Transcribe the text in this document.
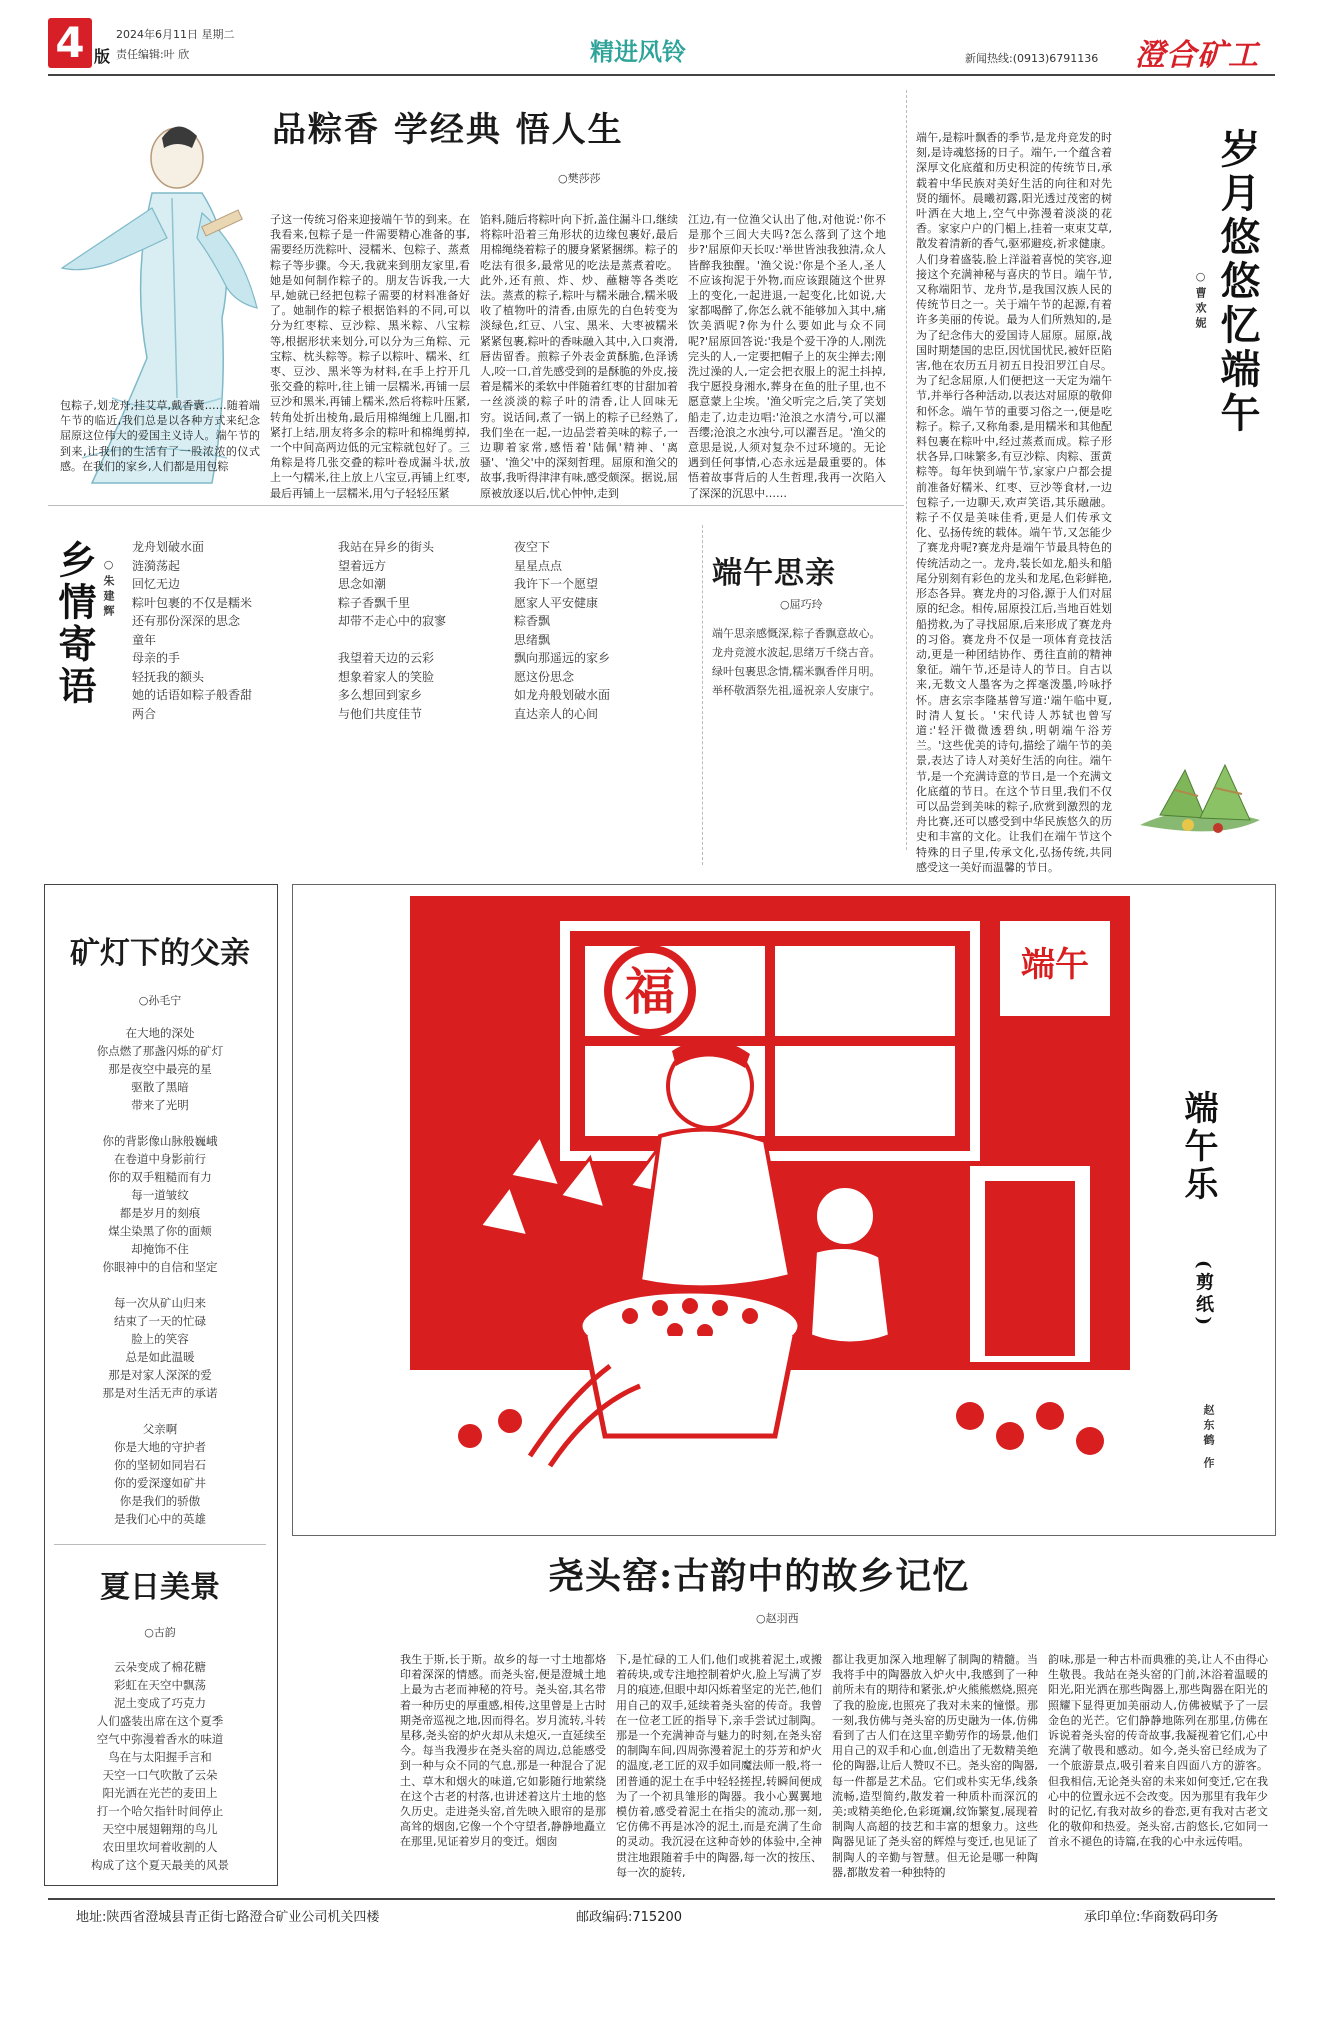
4 版
2024年6月11日 星期二
责任编辑:叶 欣	精进风铃	新闻热线:(0913)6791136 澄合矿工
品粽香 学经典 悟人生
○樊莎莎
包粽子,划龙舟,挂艾草,戴香囊……随着端午节的临近,我们总是以各种方式来纪念屈原这位伟大的爱国主义诗人。端午节的到来,让我们的生活有了一股浓浓的仪式感。在我们的家乡,人们都是用包粽
子这一传统习俗来迎接端午节的到来。在我看来,包粽子是一件需要精心准备的事,需要经历洗粽叶、浸糯米、包粽子、蒸煮粽子等步骤。今天,我就来到朋友家里,看她是如何制作粽子的。朋友告诉我,一大早,她就已经把包粽子需要的材料准备好了。她制作的粽子根据馅料的不同,可以分为红枣粽、豆沙粽、黑米粽、八宝粽等,根据形状来划分,可以分为三角粽、元宝粽、枕头粽等。粽子以粽叶、糯米、红枣、豆沙、黑米等为材料,在手上拧开几张交叠的粽叶,往上铺一层糯米,再铺一层豆沙和黑米,再铺上糯米,然后将粽叶压紧,转角处折出棱角,最后用棉绳缠上几圈,扣紧打上结,朋友将多余的粽叶和棉绳剪掉,一个中间高两边低的元宝粽就包好了。三角粽是将几张交叠的粽叶卷成漏斗状,放上一勺糯米,往上放上八宝豆,再铺上红枣,最后再铺上一层糯米,用勺子轻轻压紧
馅料,随后将粽叶向下折,盖住漏斗口,继续将粽叶沿着三角形状的边缘包裹好,最后用棉绳绕着粽子的腰身紧紧捆绑。粽子的吃法有很多,最常见的吃法是蒸煮着吃。此外,还有煎、炸、炒、蘸糖等各类吃法。蒸煮的粽子,粽叶与糯米融合,糯米吸收了植物叶的清香,由原先的白色转变为淡绿色,红豆、八宝、黑米、大枣被糯米紧紧包裹,粽叶的香味融入其中,入口爽滑,唇齿留香。煎粽子外表金黄酥脆,色泽诱人,咬一口,首先感受到的是酥脆的外皮,接着是糯米的柔软中伴随着红枣的甘甜加着一丝淡淡的粽子叶的清香,让人回味无穷。说话间,煮了一锅上的粽子已经熟了,我们坐在一起,一边品尝着美味的粽子,一边聊着家常,感悟着'陆佩'精神、'离骚'、'渔父'中的深刻哲理。屈原和渔父的故事,我听得津津有味,感受颇深。据说,屈原被放逐以后,忧心忡忡,走到
江边,有一位渔父认出了他,对他说:'你不是那个三闾大夫吗?怎么落到了这个地步?'屈原仰天长叹:'举世皆浊我独清,众人皆醉我独醒。'渔父说:'你是个圣人,圣人不应该拘泥于外物,而应该跟随这个世界上的变化,一起进退,一起变化,比如说,大家都喝醉了,你怎么就不能够加入其中,痛饮美酒呢?你为什么要如此与众不同呢?'屈原回答说:'我是个爱干净的人,刚洗完头的人,一定要把帽子上的灰尘掸去;刚洗过澡的人,一定会把衣服上的泥土抖掉,我宁愿投身湘水,葬身在鱼的肚子里,也不愿意蒙上尘埃。'渔父听完之后,笑了笑划船走了,边走边唱:'沧浪之水清兮,可以濯吾缨;沧浪之水浊兮,可以濯吾足。'渔父的意思是说,人须对复杂不过环境的。无论遇到任何事情,心态永远是最重要的。体悟着故事背后的人生哲理,我再一次陷入了深深的沉思中……
端午,是粽叶飘香的季节,是龙舟竞发的时刻,是诗魂悠扬的日子。端午,一个蕴含着深厚文化底蕴和历史积淀的传统节日,承载着中华民族对美好生活的向往和对先贤的缅怀。晨曦初露,阳光透过茂密的树叶洒在大地上,空气中弥漫着淡淡的花香。家家户户的门楣上,挂着一束束艾草,散发着清新的香气,驱邪避疫,祈求健康。人们身着盛装,脸上洋溢着喜悦的笑容,迎接这个充满神秘与喜庆的节日。端午节,又称端阳节、龙舟节,是我国汉族人民的传统节日之一。关于端午节的起源,有着许多美丽的传说。最为人们所熟知的,是为了纪念伟大的爱国诗人屈原。屈原,战国时期楚国的忠臣,因忧国忧民,被奸臣陷害,他在农历五月初五日投汨罗江自尽。为了纪念屈原,人们便把这一天定为端午节,并举行各种活动,以表达对屈原的敬仰和怀念。端午节的重要习俗之一,便是吃粽子。粽子,又称角黍,是用糯米和其他配料包裹在粽叶中,经过蒸煮而成。粽子形状各异,口味繁多,有豆沙粽、肉粽、蛋黄粽等。每年快到端午节,家家户户都会提前准备好糯米、红枣、豆沙等食材,一边包粽子,一边聊天,欢声笑语,其乐融融。粽子不仅是美味佳肴,更是人们传承文化、弘扬传统的载体。端午节,又怎能少了赛龙舟呢?赛龙舟是端午节最具特色的传统活动之一。龙舟,装长如龙,船头和船尾分别刻有彩色的龙头和龙尾,色彩鲜艳,形态各异。赛龙舟的习俗,源于人们对屈原的纪念。相传,屈原投江后,当地百姓划船捞救,为了寻找屈原,后来形成了赛龙舟的习俗。赛龙舟不仅是一项体育竞技活动,更是一种团结协作、勇往直前的精神象征。端午节,还是诗人的节日。自古以来,无数文人墨客为之挥毫泼墨,吟咏抒怀。唐玄宗李隆基曾写道:'端午临中夏,时清人复长。'宋代诗人苏轼也曾写道:'轻汗微微透碧纨,明朝端午浴芳兰。'这些优美的诗句,描绘了端午节的美景,表达了诗人对美好生活的向往。端午节,是一个充满诗意的节日,是一个充满文化底蕴的节日。在这个节日里,我们不仅可以品尝到美味的粽子,欣赏到激烈的龙舟比赛,还可以感受到中华民族悠久的历史和丰富的文化。让我们在端午节这个特殊的日子里,传承文化,弘扬传统,共同感受这一美好而温馨的节日。
岁月悠悠忆端午
○曹欢妮
乡情寄语 ○朱建辉
龙舟划破水面
涟漪荡起
回忆无边
粽叶包裹的不仅是糯米
还有那份深深的思念
童年
母亲的手
轻抚我的额头
她的话语如粽子般香甜
两合
我站在异乡的街头
望着远方
思念如潮
粽子香飘千里
却带不走心中的寂寥

我望着天边的云彩
想象着家人的笑脸
多么想回到家乡
与他们共度佳节
夜空下
星星点点
我许下一个愿望
愿家人平安健康
粽香飘
思绪飘
飘向那遥远的家乡
愿这份思念
如龙舟般划破水面
直达亲人的心间
端午思亲
○屈巧玲
端午思亲感慨深,粽子香飘意故心。
龙舟竞渡水波起,思绪万千绕古音。
绿叶包裹思念情,糯米飘香伴月明。
举杯敬酒祭先祖,遥祝亲人安康宁。
矿灯下的父亲
○孙毛宁
在大地的深处
你点燃了那盏闪烁的矿灯
那是夜空中最亮的星
驱散了黑暗
带来了光明

你的背影像山脉般巍峨
在卷道中身影前行
你的双手粗糙而有力
每一道皱纹
都是岁月的刻痕
煤尘染黑了你的面颊
却掩饰不住
你眼神中的自信和坚定

每一次从矿山归来
结束了一天的忙碌
脸上的笑容
总是如此温暖
那是对家人深深的爱
那是对生活无声的承诺

父亲啊
你是大地的守护者
你的坚韧如同岩石
你的爱深邃如矿井
你是我们的骄傲
是我们心中的英雄
夏日美景
○古韵
云朵变成了棉花糖
彩虹在天空中飘荡
泥土变成了巧克力
人们盛装出席在这个夏季
空气中弥漫着香水的味道
鸟在与太阳握手言和
天空一口气吹散了云朵
阳光洒在光芒的麦田上
打一个哈欠指针时间停止
天空中展翅翱翔的鸟儿
农田里坎坷着收割的人
构成了这个夏天最美的风景
福	端午
端午乐
(剪纸)
赵东鹤 作
尧头窑:古韵中的故乡记忆
○赵羽西
我生于斯,长于斯。故乡的每一寸土地都烙印着深深的情感。而尧头窑,便是澄城土地上最为古老而神秘的符号。尧头窑,其名带着一种历史的厚重感,相传,这里曾是上古时期尧帝巡视之地,因而得名。岁月流转,斗转星移,尧头窑的炉火却从未熄灭,一直延续至今。每当我漫步在尧头窑的周边,总能感受到一种与众不同的气息,那是一种混合了泥土、草木和烟火的味道,它如影随行地萦绕在这个古老的村落,也讲述着这片土地的悠久历史。走进尧头窑,首先映入眼帘的是那高耸的烟囱,它像一个个守望者,静静地矗立在那里,见证着岁月的变迁。烟囱
下,是忙碌的工人们,他们或挑着泥土,或搬着砖块,或专注地控制着炉火,脸上写满了岁月的痕迹,但眼中却闪烁着坚定的光芒,他们用自己的双手,延续着尧头窑的传奇。我曾在一位老工匠的指导下,亲手尝试过制陶。那是一个充满神奇与魅力的时刻,在尧头窑的制陶车间,四周弥漫着泥土的芬芳和炉火的温度,老工匠的双手如同魔法师一般,将一团普通的泥土在手中轻轻搓捏,转瞬间便成为了一个初具雏形的陶器。我小心翼翼地模仿着,感受着泥土在指尖的流动,那一刻,它仿佛不再是冰冷的泥土,而是充满了生命的灵动。我沉浸在这种奇妙的体验中,全神贯注地跟随着手中的陶器,每一次的按压、每一次的旋转,
都让我更加深入地理解了制陶的精髓。当我将手中的陶器放入炉火中,我感到了一种前所未有的期待和紧张,炉火熊熊燃烧,照亮了我的脸庞,也照亮了我对未来的憧憬。那一刻,我仿佛与尧头窑的历史融为一体,仿佛看到了古人们在这里辛勤劳作的场景,他们用自己的双手和心血,创造出了无数精美绝伦的陶器,让后人赞叹不已。尧头窑的陶器,每一件都是艺术品。它们或朴实无华,线条流畅,造型简约,散发着一种质朴而深沉的美;或精美绝伦,色彩斑斓,纹饰繁复,展现着制陶人高超的技艺和丰富的想象力。这些陶器见证了尧头窑的辉煌与变迁,也见证了制陶人的辛勤与智慧。但无论是哪一种陶器,都散发着一种独特的
韵味,那是一种古朴而典雅的美,让人不由得心生敬畏。我站在尧头窑的门前,沐浴着温暖的阳光,阳光洒在那些陶器上,那些陶器在阳光的照耀下显得更加美丽动人,仿佛被赋予了一层金色的光芒。它们静静地陈列在那里,仿佛在诉说着尧头窑的传奇故事,我凝视着它们,心中充满了敬畏和感动。如今,尧头窑已经成为了一个旅游景点,吸引着来自四面八方的游客。但我相信,无论尧头窑的未来如何变迁,它在我心中的位置永远不会改变。因为那里有我年少时的记忆,有我对故乡的眷恋,更有我对古老文化的敬仰和热爱。尧头窑,古韵悠长,它如同一首永不褪色的诗篇,在我的心中永远传唱。
地址:陕西省澄城县青正街七路澄合矿业公司机关四楼	邮政编码:715200	承印单位:华商数码印务
